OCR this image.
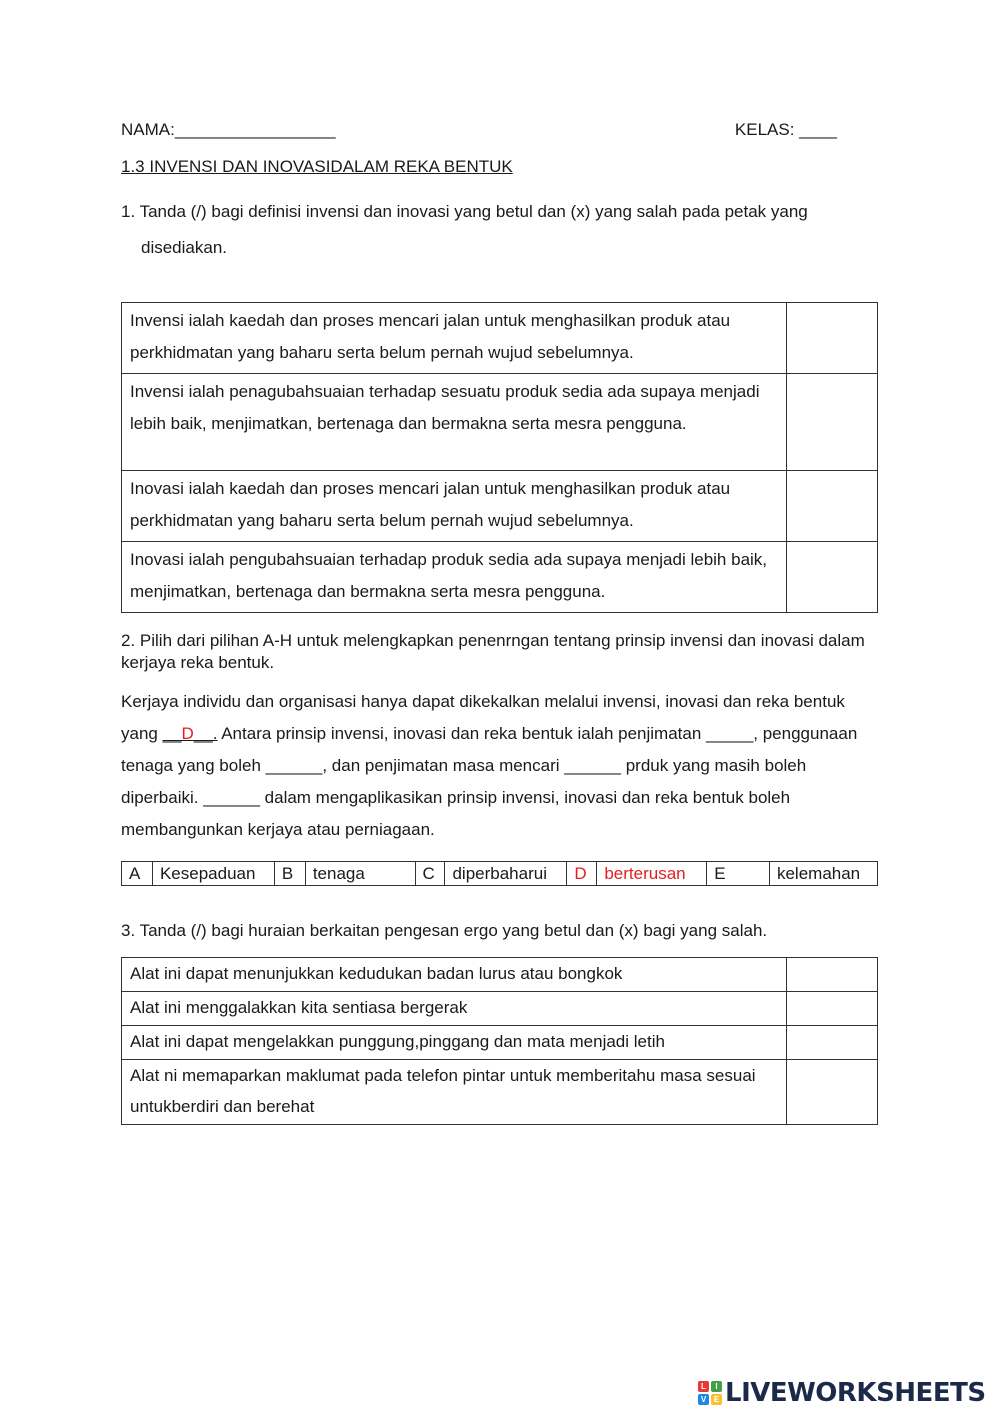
NAMA:_________________	KELAS: ____
1.3 INVENSI DAN INOVASIDALAM REKA BENTUK
1. Tanda (/) bagi definisi invensi dan inovasi yang betul dan (x) yang salah pada petak yang
disediakan.
Invensi ialah kaedah dan proses mencari jalan untuk menghasilkan produk atau perkhidmatan yang baharu serta belum pernah wujud sebelumnya.	
Invensi ialah penagubahsuaian terhadap sesuatu produk sedia ada supaya menjadi lebih baik, menjimatkan, bertenaga dan bermakna serta mesra pengguna.	
Inovasi ialah kaedah dan proses mencari jalan untuk menghasilkan produk atau perkhidmatan yang baharu serta belum pernah wujud sebelumnya.	
Inovasi ialah pengubahsuaian terhadap produk sedia ada supaya menjadi lebih baik, menjimatkan, bertenaga dan bermakna serta mesra pengguna.	
2. Pilih dari pilihan A-H untuk melengkapkan penenrngan tentang prinsip invensi dan inovasi dalam kerjaya reka bentuk.
Kerjaya individu dan organisasi hanya dapat dikekalkan melalui invensi, inovasi dan reka bentuk yang __D__. Antara prinsip invensi, inovasi dan reka bentuk ialah penjimatan _____, penggunaan tenaga yang boleh ______, dan penjimatan masa mencari ______ prduk yang masih boleh diperbaiki. ______ dalam mengaplikasikan prinsip invensi, inovasi dan reka bentuk boleh membangunkan kerjaya atau perniagaan.
A	Kesepaduan	B	tenaga	C	diperbaharui	D	berterusan	E	kelemahan
3. Tanda (/) bagi huraian berkaitan pengesan ergo yang betul dan (x) bagi yang salah.
Alat ini dapat menunjukkan kedudukan badan lurus atau bongkok	
Alat ini menggalakkan kita sentiasa bergerak	
Alat ini dapat mengelakkan punggung,pinggang dan mata menjadi letih	
Alat ni memaparkan maklumat pada telefon pintar untuk memberitahu masa sesuai untukberdiri dan berehat	
L	I
V E LIVEWORKSHEETS
